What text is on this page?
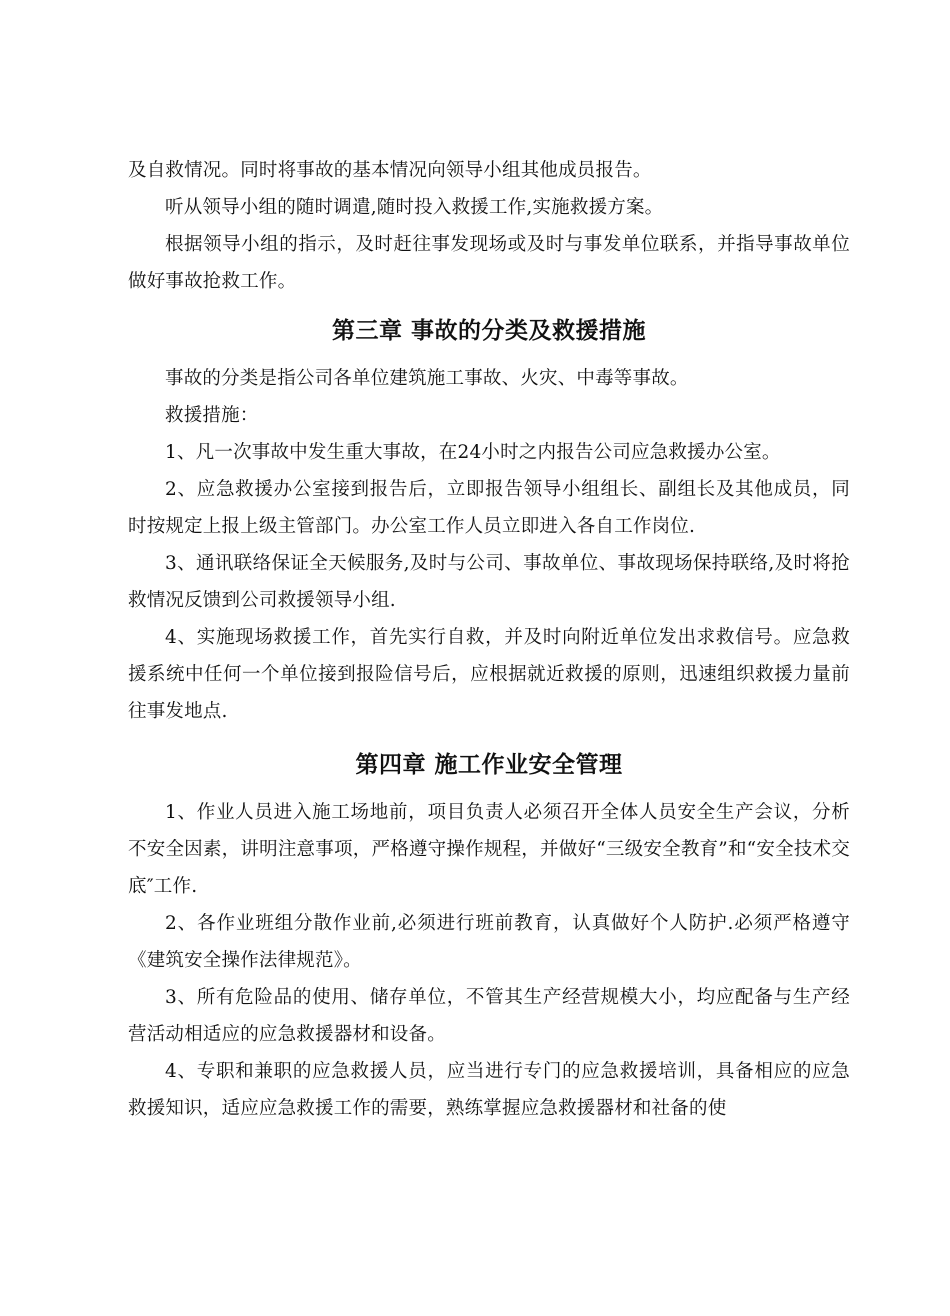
及自救情况。同时将事故的基本情况向领导小组其他成员报告。

听从领导小组的随时调遣,随时投入救援工作,实施救援方案。

根据领导小组的指示，及时赶往事发现场或及时与事发单位联系，并指导事故单位做好事故抢救工作。

第三章 事故的分类及救援措施

事故的分类是指公司各单位建筑施工事故、火灾、中毒等事故。

救援措施：

1、凡一次事故中发生重大事故，在24小时之内报告公司应急救援办公室。

2、应急救援办公室接到报告后，立即报告领导小组组长、副组长及其他成员，同时按规定上报上级主管部门。办公室工作人员立即进入各自工作岗位.

3、通讯联络保证全天候服务,及时与公司、事故单位、事故现场保持联络,及时将抢救情况反馈到公司救援领导小组.

4、实施现场救援工作，首先实行自救，并及时向附近单位发出求救信号。应急救援系统中任何一个单位接到报险信号后，应根据就近救援的原则，迅速组织救援力量前往事发地点.

第四章 施工作业安全管理

1、作业人员进入施工场地前，项目负责人必须召开全体人员安全生产会议，分析不安全因素，讲明注意事项，严格遵守操作规程，并做好“三级安全教育”和“安全技术交底″工作.

2、各作业班组分散作业前,必须进行班前教育，认真做好个人防护.必须严格遵守《建筑安全操作法律规范》。

3、所有危险品的使用、储存单位，不管其生产经营规模大小，均应配备与生产经营活动相适应的应急救援器材和设备。

4、专职和兼职的应急救援人员，应当进行专门的应急救援培训，具备相应的应急救援知识，适应应急救援工作的需要，熟练掌握应急救援器材和社备的使
